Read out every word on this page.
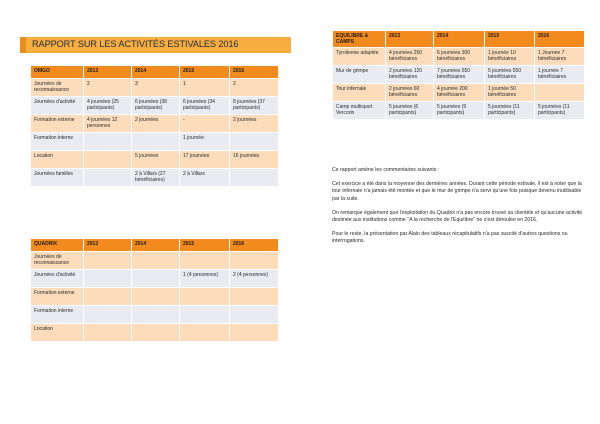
RAPPORT SUR LES ACTIVITÉS ESTIVALES 2016
OMGO	2013	2014	2015	2016
Journées de reconnaissance	2	3	1	2
Journées d'activité	4 journées (25 participants)	6 journées (38 participants)	6 journées (34 participants)	8 journées (37 participants)
Formation externe	4 journées 12 personnes	2 journées	-	2 journées
Formation interne			1 journée	
Location		5 journées	17 journées	16 journées
Journées familles		2 à Villars (27 bénéficiaires)	2 à Villars	
QUADRIX	2013	2014	2015	2016
Journées de reconnaissance				
Journées d'activité			1 (4 personnes)	2 (4 personnes)
Formation externe				
Formation interne				
Location				
EQUILIBRE & CAMPS	2013	2014	2015	2016
Tyrolienne adaptée	4 journées 250 bénéficiaires	6 journées 300 bénéficiaires	1 journée 10 bénéficiaires	1 Journée 7 bénéficiaires
Mur de grimpe	2 journées 120 bénéficiaires	7 journées 650 bénéficiaires	5 journées 550 bénéficiaires	1 journée 7 bénéficiaires
Tour infernale	2 journées 60 bénéficiaires	4 journée 200 bénéficiaires	1 journée 50 bénéficiaires	
Camp multisport Vercorin	5 journées (6 participants)	5 journées (9 participants)	5 journées (11 participants)	5 journées (11 participants)

Ce rapport amène les commentaires suivants :

Cet exercice a été dans la moyenne des dernières années. Durant cette période estivale, il est à noter que la tour infernale n'a jamais été montée et que le mur de grimpe n'a servi qu'une fois puisque devenu inutilisable par la suite.

On remarque également que l'exploitation du Quadrix n'a pas encore trouvé sa clientèle et qu'aucune activité destinée aux institutions comme "A la recherche de l'Equilibre" ne s'est déroulée en 2016.

Pour le reste, la présentation par Alain des tableaux récapitulatifs n'a pas suscité d'autres questions ou interrogations.
